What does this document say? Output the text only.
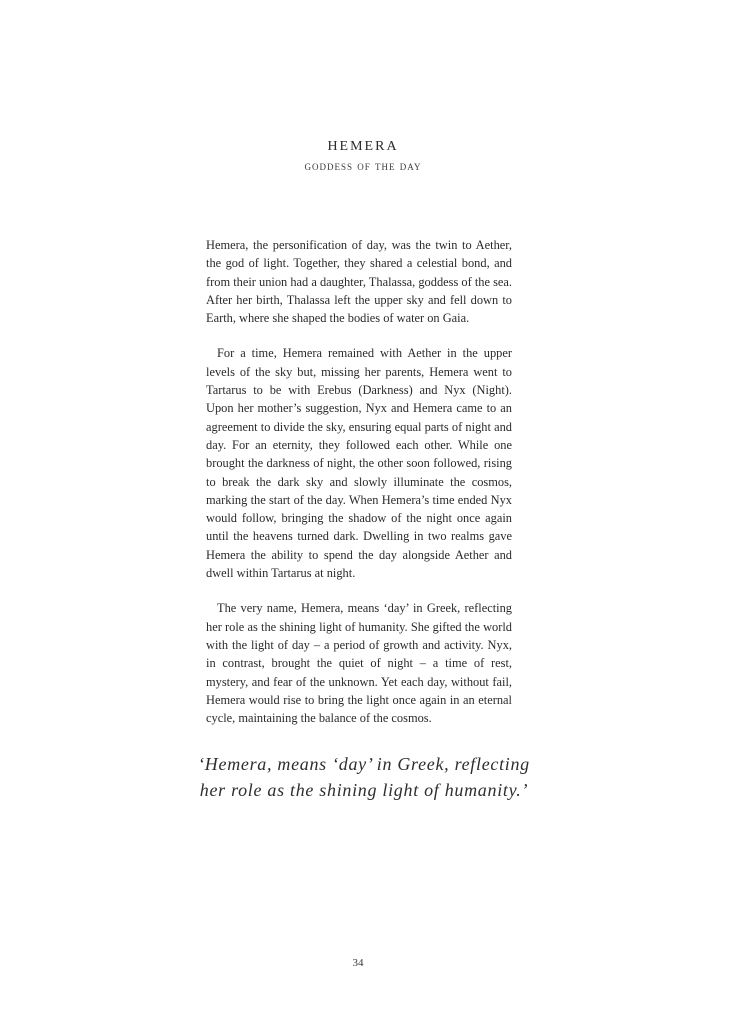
hemera
goddess of the day

Hemera, the personification of day, was the twin to Aether, the god of light. Together, they shared a celestial bond, and from their union had a daughter, Thalassa, goddess of the sea. After her birth, Thalassa left the upper sky and fell down to Earth, where she shaped the bodies of water on Gaia.

For a time, Hemera remained with Aether in the upper levels of the sky but, missing her parents, Hemera went to Tartarus to be with Erebus (Darkness) and Nyx (Night). Upon her mother’s suggestion, Nyx and Hemera came to an agreement to divide the sky, ensuring equal parts of night and day. For an eternity, they followed each other. While one brought the darkness of night, the other soon followed, rising to break the dark sky and slowly illuminate the cosmos, marking the start of the day. When Hemera’s time ended Nyx would follow, bringing the shadow of the night once again until the heavens turned dark. Dwelling in two realms gave Hemera the ability to spend the day alongside Aether and dwell within Tartarus at night.

The very name, Hemera, means ‘day’ in Greek, reflecting her role as the shining light of humanity. She gifted the world with the light of day – a period of growth and activity. Nyx, in contrast, brought the quiet of night – a time of rest, mystery, and fear of the unknown. Yet each day, without fail, Hemera would rise to bring the light once again in an eternal cycle, maintaining the balance of the cosmos.

‘Hemera, means ‘day’ in Greek, reflecting her role as the shining light of humanity.’
34
